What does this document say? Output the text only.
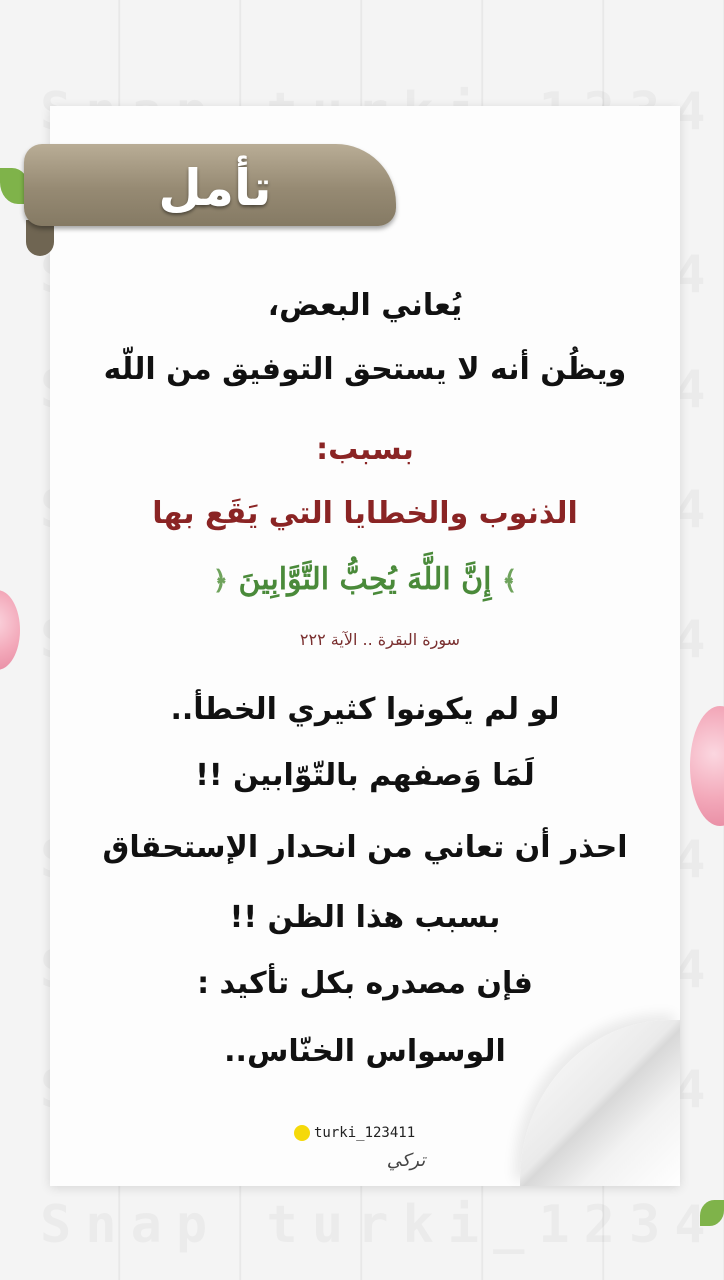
تأمل
يُعاني البعض،
ويظُن أنه لا يستحق التوفيق من اللّه
بسبب:
الذنوب والخطايا التي يَقَع بها
﴾ إِنَّ اللَّهَ يُحِبُّ التَّوَّابِينَ ﴿
سورة البقرة .. الآية ٢٢٢
لو لم يكونوا كثيري الخطأ..
لَمَا وَصفهم بالتّوّابين !!
احذر أن تعاني من انحدار الإستحقاق
بسبب هذا الظن !!
فإن مصدره بكل تأكيد :
الوسواس الخنّاس..
turki_123411
تركي
